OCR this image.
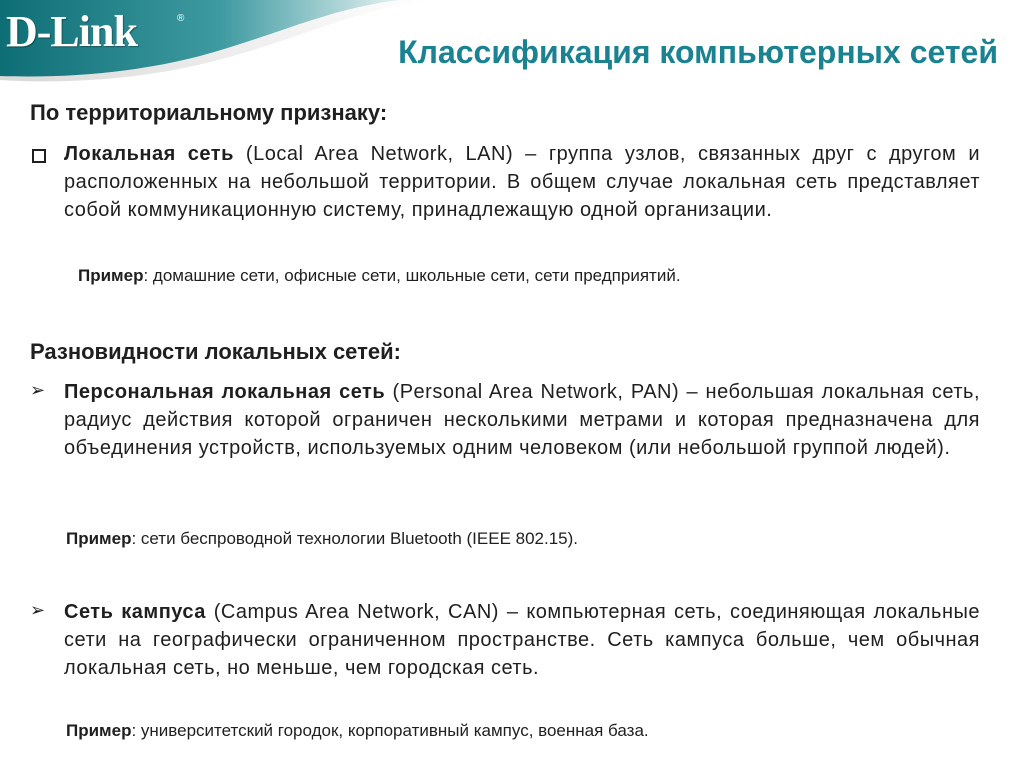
D-Link	®
Классификация компьютерных сетей
По территориальному признаку:
Локальная сеть (Local Area Network, LAN) – группа узлов, связанных друг с другом и расположенных на небольшой территории. В общем случае локальная сеть представляет собой коммуникационную систему, принадлежащую одной организации.
Пример: домашние сети, офисные сети, школьные сети, сети предприятий.
Разновидности локальных сетей:
➢ Персональная локальная сеть (Personal Area Network, PAN) – небольшая локальная сеть, радиус действия которой ограничен несколькими метрами и которая предназначена для объединения устройств, используемых одним человеком (или небольшой группой людей).
Пример: сети беспроводной технологии Bluetooth (IEEE 802.15).
➢ Сеть кампуса (Campus Area Network, CAN) – компьютерная сеть, соединяющая локальные сети на географически ограниченном пространстве. Сеть кампуса больше, чем обычная локальная сеть, но меньше, чем городская сеть.
Пример: университетский городок, корпоративный кампус, военная база.
